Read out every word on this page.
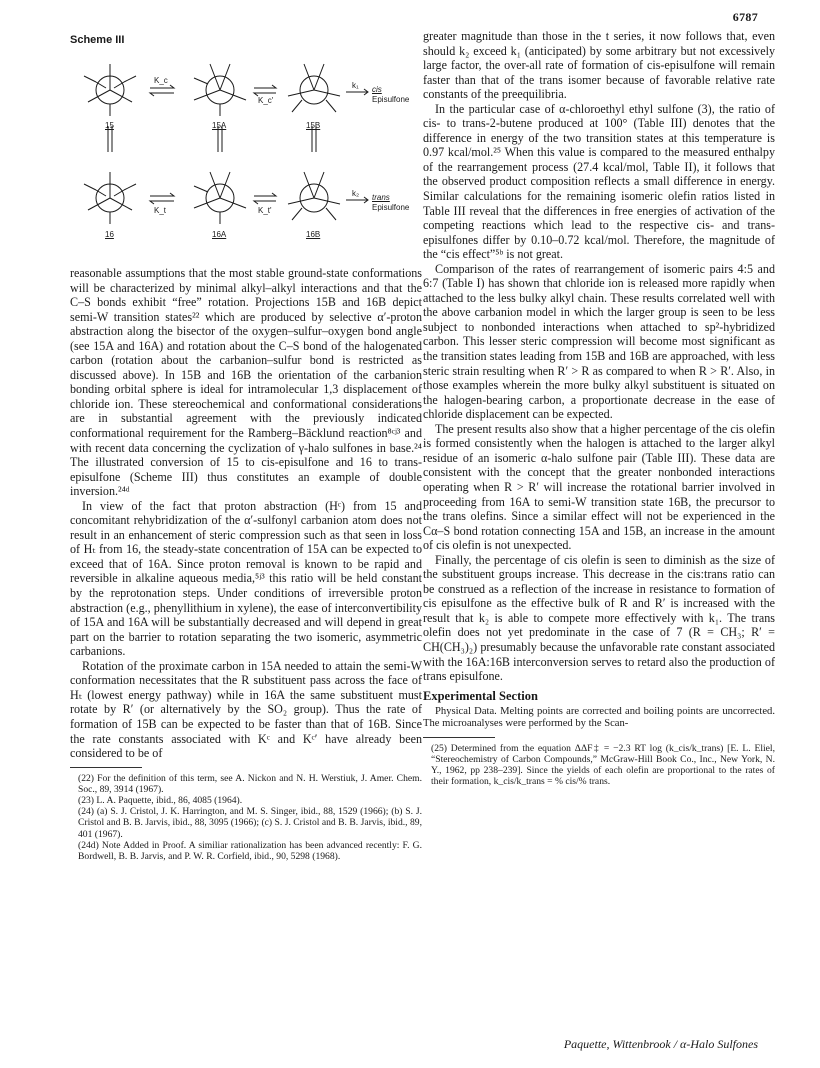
6787
Scheme III
15	15A	15B
16	16A	16B
K_c
K_c'
K_t	K_t'
k₁
k₂
cis
Episulfone
trans
Episulfone

reasonable assumptions that the most stable ground-state conformations will be characterized by minimal alkyl–alkyl interactions and that the C–S bonds exhibit “free” rotation. Projections 15B and 16B depict semi-W transition states²² which are produced by selective α′-proton abstraction along the bisector of the oxygen–sulfur–oxygen bond angle (see 15A and 16A) and rotation about the C–S bond of the halogenated carbon (rotation about the carbanion–sulfur bond is restricted as discussed above). In 15B and 16B the orientation of the carbanion bonding orbital sphere is ideal for intramolecular 1,3 displacement of chloride ion. These stereochemical and conformational considerations are in substantial agreement with the previously indicated conformational requirement for the Ramberg–Bäcklund reaction⁸ᶜʲ³ and with recent data concerning the cyclization of γ-halo sulfones in base.²⁴ The illustrated conversion of 15 to cis-episulfone and 16 to trans-episulfone (Scheme III) thus constitutes an example of double inversion.²⁴ᵈ

In view of the fact that proton abstraction (Hᶜ) from 15 and concomitant rehybridization of the α′-sulfonyl carbanion atom does not result in an enhancement of steric compression such as that seen in loss of Hₜ from 16, the steady-state concentration of 15A can be expected to exceed that of 16A. Since proton removal is known to be rapid and reversible in alkaline aqueous media,⁵ʲ³ this ratio will be held constant by the reprotonation steps. Under conditions of irreversible proton abstraction (e.g., phenyllithium in xylene), the ease of interconvertibility of 15A and 16A will be substantially decreased and will depend in great part on the barrier to rotation separating the two isomeric, asymmetric carbanions.

Rotation of the proximate carbon in 15A needed to attain the semi-W conformation necessitates that the R substituent pass across the face of Hₜ (lowest energy pathway) while in 16A the same substituent must rotate by R′ (or alternatively by the SO₂ group). Thus the rate of formation of 15B can be expected to be faster than that of 16B. Since the rate constants associated with Kᶜ and Kᶜ′ have already been considered to be of

(22) For the definition of this term, see A. Nickon and N. H. Werstiuk, J. Amer. Chem. Soc., 89, 3914 (1967).

(23) L. A. Paquette, ibid., 86, 4085 (1964).

(24) (a) S. J. Cristol, J. K. Harrington, and M. S. Singer, ibid., 88, 1529 (1966); (b) S. J. Cristol and B. B. Jarvis, ibid., 88, 3095 (1966); (c) S. J. Cristol and B. B. Jarvis, ibid., 89, 401 (1967).

(24d) Note Added in Proof. A similiar rationalization has been advanced recently: F. G. Bordwell, B. B. Jarvis, and P. W. R. Corfield, ibid., 90, 5298 (1968).

greater magnitude than those in the t series, it now follows that, even should k₂ exceed k₁ (anticipated) by some arbitrary but not excessively large factor, the over-all rate of formation of cis-episulfone will remain faster than that of the trans isomer because of favorable relative rate constants of the preequilibria.

In the particular case of α-chloroethyl ethyl sulfone (3), the ratio of cis- to trans-2-butene produced at 100° (Table III) denotes that the difference in energy of the two transition states at this temperature is 0.97 kcal/mol.²⁵ When this value is compared to the measured enthalpy of the rearrangement process (27.4 kcal/mol, Table II), it follows that the observed product composition reflects a small difference in energy. Similar calculations for the remaining isomeric olefin ratios listed in Table III reveal that the differences in free energies of activation of the competing reactions which lead to the respective cis- and trans-episulfones differ by 0.10–0.72 kcal/mol. Therefore, the magnitude of the “cis effect”⁵ᵇ is not great.

Comparison of the rates of rearrangement of isomeric pairs 4:5 and 6:7 (Table I) has shown that chloride ion is released more rapidly when attached to the less bulky alkyl chain. These results correlated well with the above carbanion model in which the larger group is seen to be less subject to nonbonded interactions when attached to sp²-hybridized carbon. This lesser steric compression will become most significant as the transition states leading from 15B and 16B are approached, with less steric strain resulting when R′ > R as compared to when R > R′. Also, in those examples wherein the more bulky alkyl substituent is situated on the halogen-bearing carbon, a proportionate decrease in the ease of chloride displacement can be expected.

The present results also show that a higher percentage of the cis olefin is formed consistently when the halogen is attached to the larger alkyl residue of an isomeric α-halo sulfone pair (Table III). These data are consistent with the concept that the greater nonbonded interactions operating when R > R′ will increase the rotational barrier involved in proceeding from 16A to semi-W transition state 16B, the precursor to the trans olefins. Since a similar effect will not be experienced in the Cα–S bond rotation connecting 15A and 15B, an increase in the amount of cis olefin is not unexpected.

Finally, the percentage of cis olefin is seen to diminish as the size of the substituent groups increase. This decrease in the cis:trans ratio can be construed as a reflection of the increase in resistance to formation of cis episulfone as the effective bulk of R and R′ is increased with the result that k₂ is able to compete more effectively with k₁. The trans olefin does not yet predominate in the case of 7 (R = CH₃; R′ = CH(CH₃)₂) presumably because the unfavorable rate constant associated with the 16A:16B interconversion serves to retard also the production of trans episulfone.

Experimental Section

Physical Data. Melting points are corrected and boiling points are uncorrected. The microanalyses were performed by the Scan-

(25) Determined from the equation ΔΔF‡ = −2.3 RT log (k_cis/k_trans) [E. L. Eliel, “Stereochemistry of Carbon Compounds,” McGraw-Hill Book Co., Inc., New York, N. Y., 1962, pp 238–239]. Since the yields of each olefin are proportional to the rates of their formation, k_cis/k_trans = % cis/% trans.

Paquette, Wittenbrook / α-Halo Sulfones
